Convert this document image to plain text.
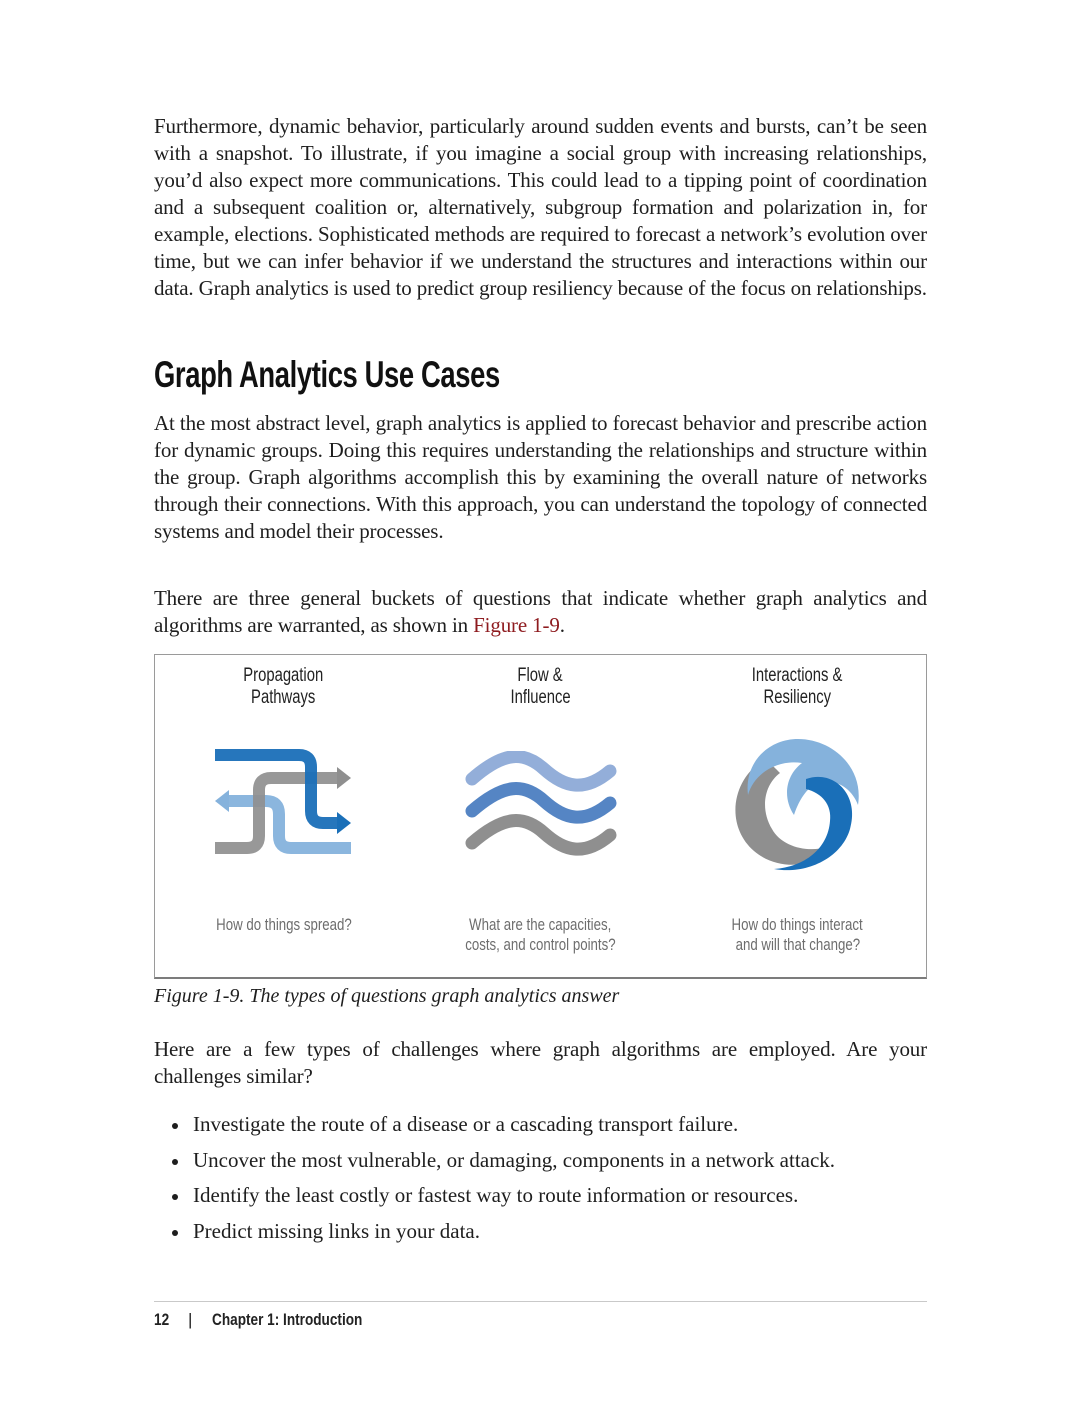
Furthermore, dynamic behavior, particularly around sudden events and bursts, can’t be seen with a snapshot. To illustrate, if you imagine a social group with increasing relationships, you’d also expect more communications. This could lead to a tipping point of coordination and a subsequent coalition or, alternatively, subgroup formation and polarization in, for example, elections. Sophisticated methods are required to forecast a network’s evolution over time, but we can infer behavior if we understand the structures and interactions within our data. Graph analytics is used to predict group resiliency because of the focus on relationships.

Graph Analytics Use Cases

At the most abstract level, graph analytics is applied to forecast behavior and prescribe action for dynamic groups. Doing this requires understanding the relationships and structure within the group. Graph algorithms accomplish this by examining the overall nature of networks through their connections. With this approach, you can understand the topology of connected systems and model their processes.

There are three general buckets of questions that indicate whether graph analytics and algorithms are warranted, as shown in Figure 1-9.

Propagation
Pathways
How do things spread?
Flow &
Influence
What are the capacities,
costs, and control points?
Interactions &
Resiliency
How do things interact
and will that change?

Figure 1-9. The types of questions graph analytics answer

Here are a few types of challenges where graph algorithms are employed. Are your challenges similar?

Investigate the route of a disease or a cascading transport failure.
Uncover the most vulnerable, or damaging, components in a network attack.
Identify the least costly or fastest way to route information or resources.
Predict missing links in your data.
12 | Chapter 1: Introduction
